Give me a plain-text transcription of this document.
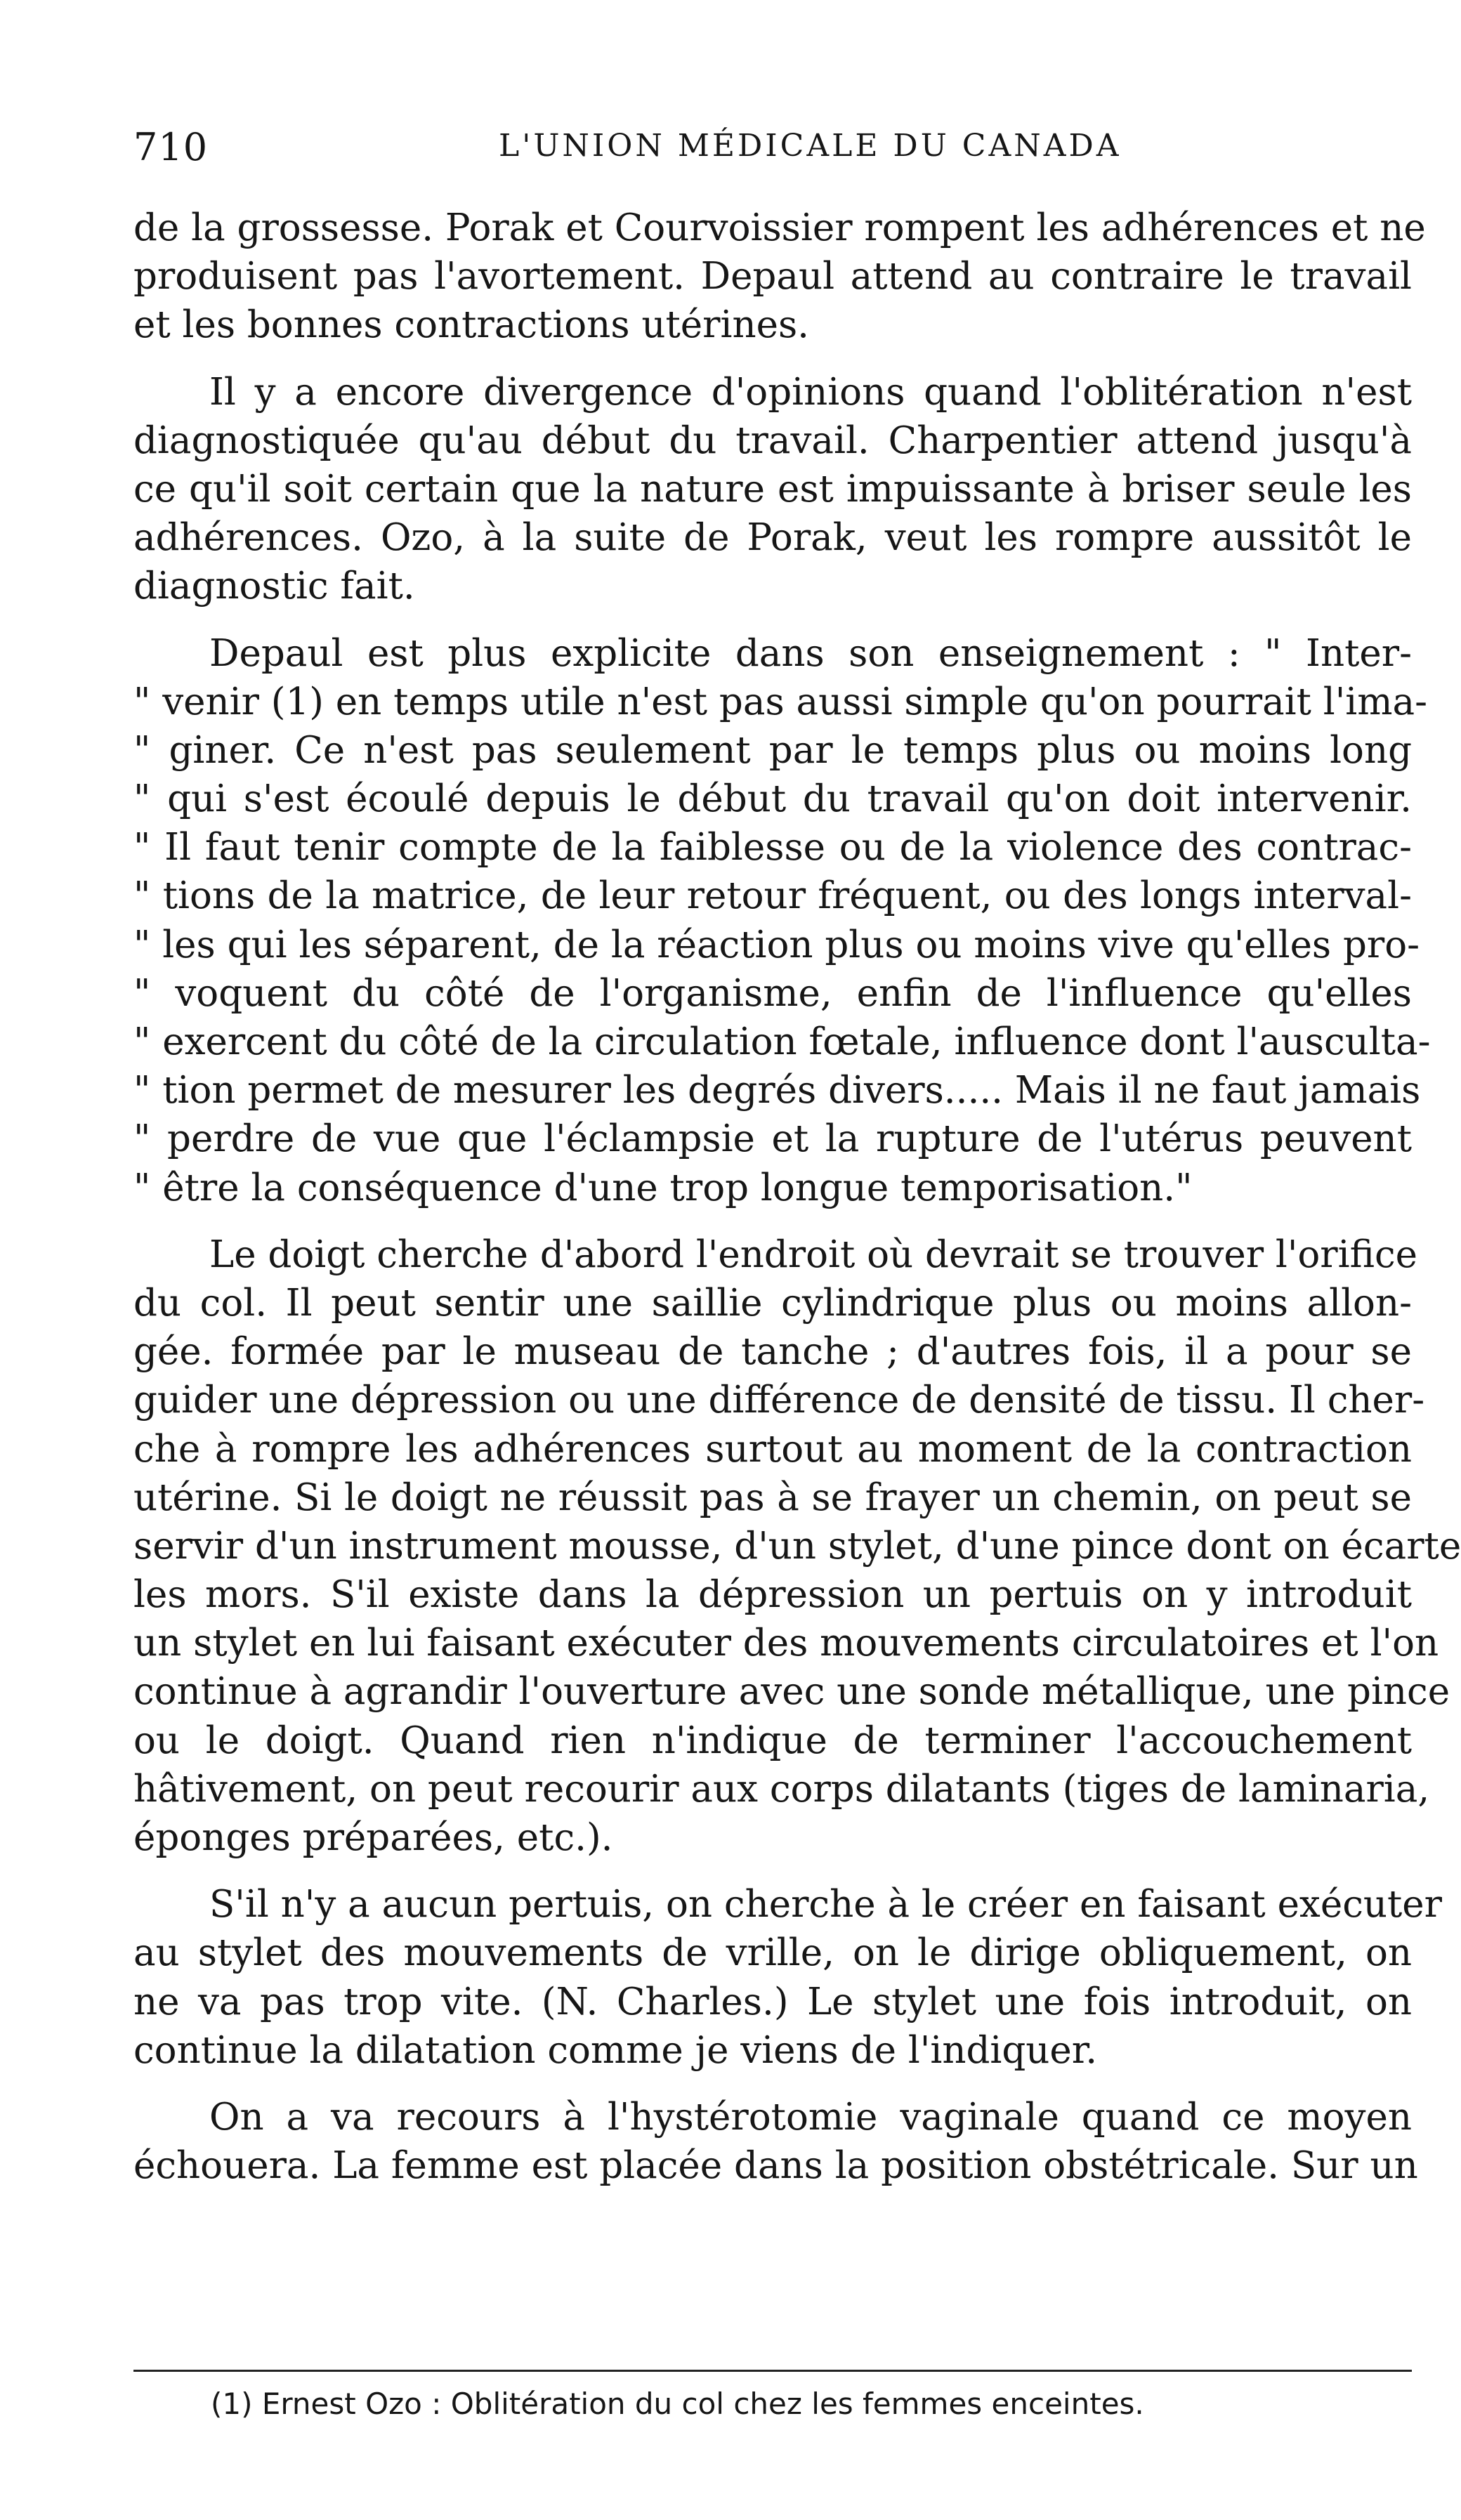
710	L'UNION MÉDICALE DU CANADA
de la grossesse. Porak et Courvoissier rompent les adhérences et ne
produisent pas l'avortement. Depaul attend au contraire le travail
et les bonnes contractions utérines.
Il y a encore divergence d'opinions quand l'oblitération n'est
diagnostiquée qu'au début du travail. Charpentier attend jusqu'à
ce qu'il soit certain que la nature est impuissante à briser seule les
adhérences. Ozo, à la suite de Porak, veut les rompre aussitôt le
diagnostic fait.
Depaul est plus explicite dans son enseignement : " Inter-
" venir (1) en temps utile n'est pas aussi simple qu'on pourrait l'ima-
" giner. Ce n'est pas seulement par le temps plus ou moins long
" qui s'est écoulé depuis le début du travail qu'on doit intervenir.
" Il faut tenir compte de la faiblesse ou de la violence des contrac-
" tions de la matrice, de leur retour fréquent, ou des longs interval-
" les qui les séparent, de la réaction plus ou moins vive qu'elles pro-
" voquent du côté de l'organisme, enfin de l'influence qu'elles
" exercent du côté de la circulation fœtale, influence dont l'ausculta-
" tion permet de mesurer les degrés divers..... Mais il ne faut jamais
" perdre de vue que l'éclampsie et la rupture de l'utérus peuvent
" être la conséquence d'une trop longue temporisation."
Le doigt cherche d'abord l'endroit où devrait se trouver l'orifice
du col. Il peut sentir une saillie cylindrique plus ou moins allon-
gée. formée par le museau de tanche ; d'autres fois, il a pour se
guider une dépression ou une différence de densité de tissu. Il cher-
che à rompre les adhérences surtout au moment de la contraction
utérine. Si le doigt ne réussit pas à se frayer un chemin, on peut se
servir d'un instrument mousse, d'un stylet, d'une pince dont on écarte
les mors. S'il existe dans la dépression un pertuis on y introduit
un stylet en lui faisant exécuter des mouvements circulatoires et l'on
continue à agrandir l'ouverture avec une sonde métallique, une pince
ou le doigt. Quand rien n'indique de terminer l'accouchement
hâtivement, on peut recourir aux corps dilatants (tiges de laminaria,
éponges préparées, etc.).
S'il n'y a aucun pertuis, on cherche à le créer en faisant exécuter
au stylet des mouvements de vrille, on le dirige obliquement, on
ne va pas trop vite. (N. Charles.) Le stylet une fois introduit, on
continue la dilatation comme je viens de l'indiquer.
On a va recours à l'hystérotomie vaginale quand ce moyen
échouera. La femme est placée dans la position obstétricale. Sur un
(1) Ernest Ozo : Oblitération du col chez les femmes enceintes.
